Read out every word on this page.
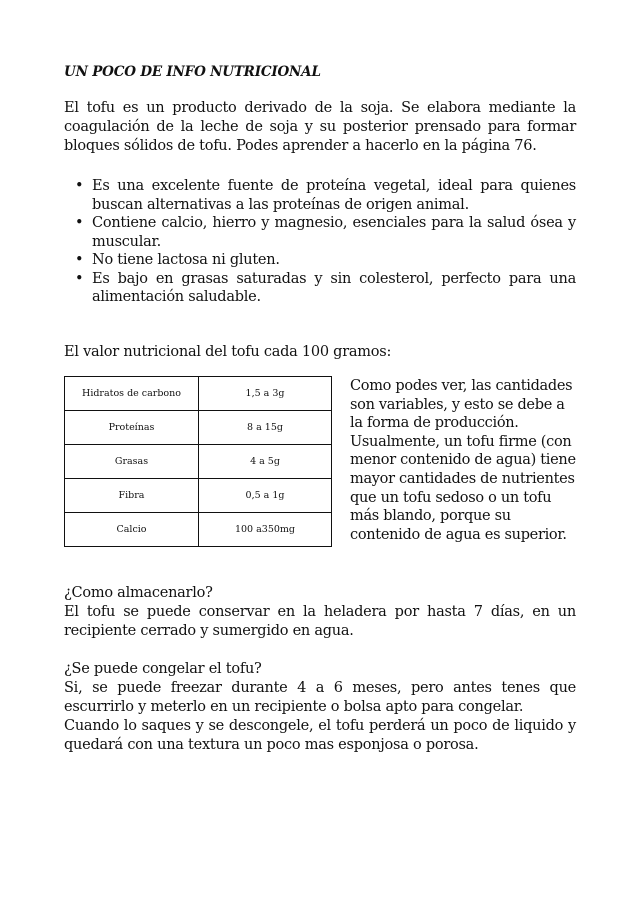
UN POCO DE INFO NUTRICIONAL

El tofu es un producto derivado de la soja. Se elabora mediante la coagulación de la leche de soja y su posterior prensado para formar bloques sólidos de tofu. Podes aprender a hacerlo en la página 76.

• Es una excelente fuente de proteína vegetal, ideal para quienes buscan alternativas a las proteínas de origen animal.
• Contiene calcio, hierro y magnesio, esenciales para la salud ósea y muscular.
• No tiene lactosa ni gluten.
• Es bajo en grasas saturadas y sin colesterol, perfecto para una alimentación saludable.

El valor nutricional del tofu cada 100 gramos:

Hidratos de carbono	1,5 a 3g
Proteínas	8 a 15g
Grasas	4 a 5g
Fibra	0,5 a 1g
Calcio	100 a350mg

Como podes ver, las cantidades son variables, y esto se debe a la forma de producción. Usualmente, un tofu firme (con menor contenido de agua) tiene mayor cantidades de nutrientes que un tofu sedoso o un tofu más blando, porque su contenido de agua es superior.

¿Como almacenarlo?

El tofu se puede conservar en la heladera por hasta 7 días, en un recipiente cerrado y sumergido en agua.

¿Se puede congelar el tofu?

Si, se puede freezar durante 4 a 6 meses, pero antes tenes que escurrirlo y meterlo en un recipiente o bolsa apto para congelar.
Cuando lo saques y se descongele, el tofu perderá un poco de liquido y quedará con una textura un poco mas esponjosa o porosa.
